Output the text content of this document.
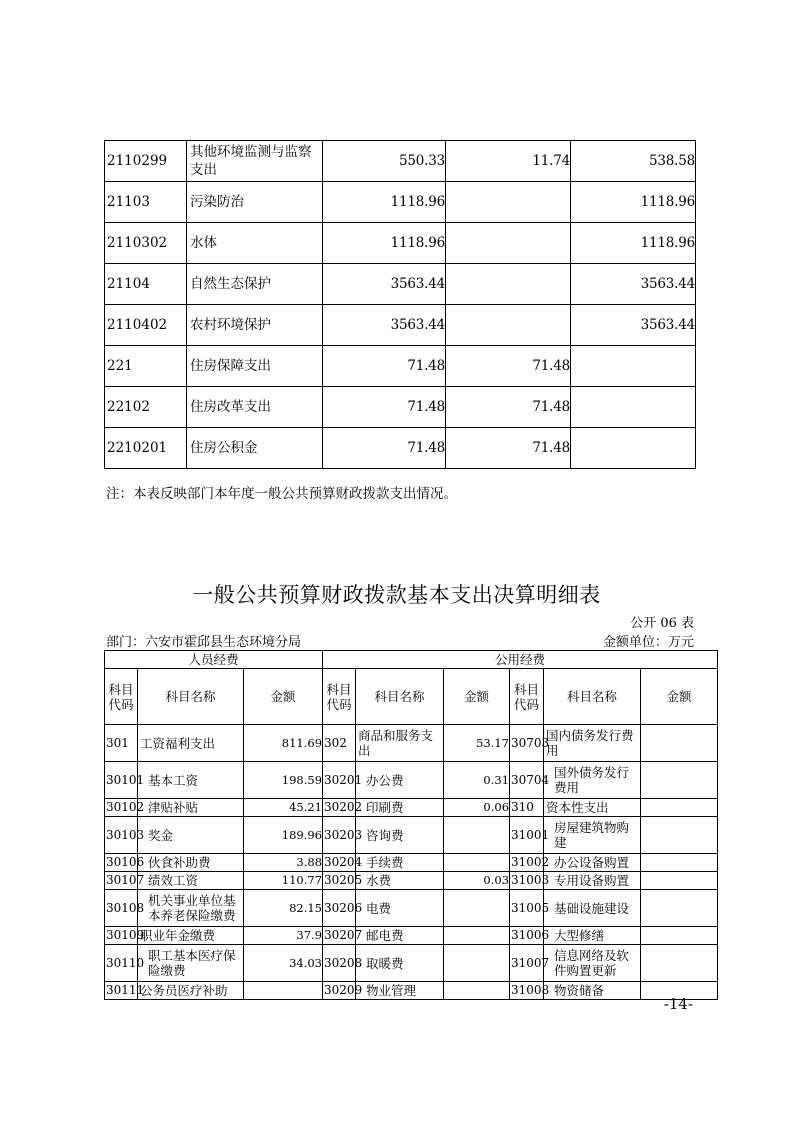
2110299	其他环境监测与监察支出	550.33	11.74	538.58
21103	污染防治	1118.96		1118.96
2110302	水体	1118.96		1118.96
21104	自然生态保护	3563.44		3563.44
2110402	农村环境保护	3563.44		3563.44
221	住房保障支出	71.48	71.48	
22102	住房改革支出	71.48	71.48	
2210201	住房公积金	71.48	71.48	
注：本表反映部门本年度一般公共预算财政拨款支出情况。
一般公共预算财政拨款基本支出决算明细表
公开 06 表
部门：六安市霍邱县生态环境分局	金额单位：万元
人员经费			公用经费					
科目代码	科目名称	金额	科目代码	科目名称	金额	科目代码	科目名称	金额
301	工资福利支出	811.69	302	商品和服务支出	53.17	30703	国内债务发行费用	
30101	基本工资	198.59	30201	办公费	0.31	30704	国外债务发行费用	
30102	津贴补贴	45.21	30202	印刷费	0.06	310	资本性支出	
30103	奖金	189.96	30203	咨询费		31001	房屋建筑物购建	
30106	伙食补助费	3.88	30204	手续费		31002	办公设备购置	
30107	绩效工资	110.77	30205	水费	0.03	31003	专用设备购置	
30108	机关事业单位基本养老保险缴费	82.15	30206	电费		31005	基础设施建设	
30109	职业年金缴费	37.9	30207	邮电费		31006	大型修缮	
30110	职工基本医疗保险缴费	34.03	30208	取暖费		31007	信息网络及软件购置更新	
30111	公务员医疗补助		30209	物业管理		31008	物资储备	
-14-
